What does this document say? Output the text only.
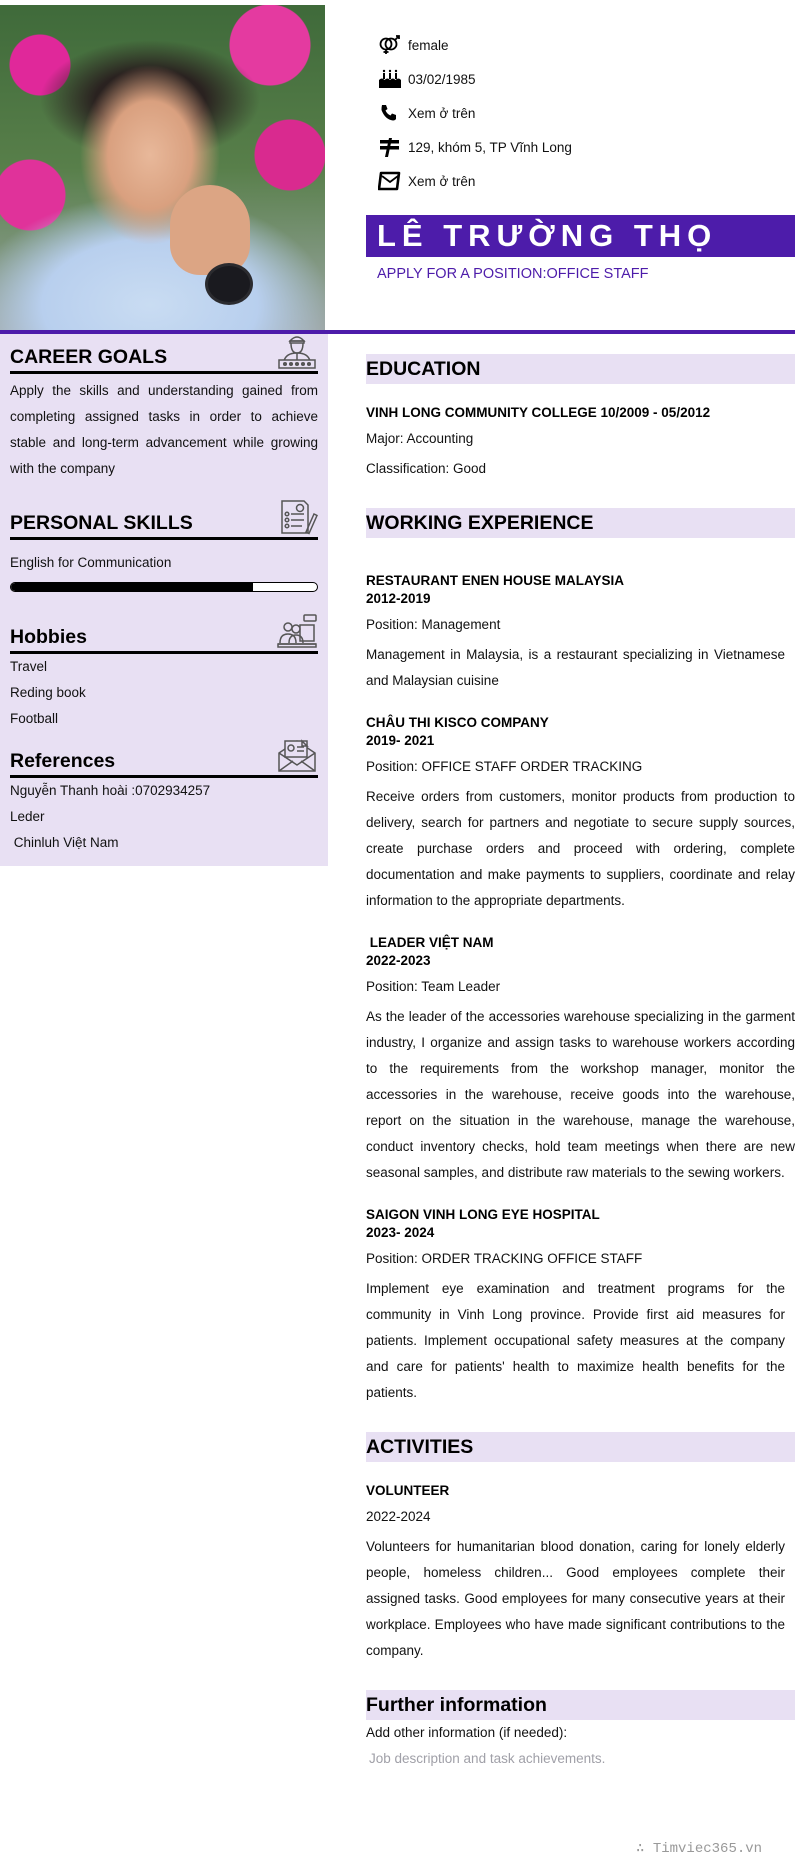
female
03/02/1985
Xem ở trên
129, khóm 5, TP Vĩnh Long
Xem ở trên
LÊ TRƯỜNG THỌ
APPLY FOR A POSITION:OFFICE STAFF
CAREER GOALS
Apply the skills and understanding gained from completing assigned tasks in order to achieve stable and long-term advancement while growing with the company
PERSONAL SKILLS
English for Communication
Hobbies
Travel
Reding book
Football
References
Nguyễn Thanh hoài :0702934257
Leder
Chinluh Việt Nam
EDUCATION
VINH LONG COMMUNITY COLLEGE 10/2009 - 05/2012
Major: Accounting
Classification: Good
WORKING EXPERIENCE
RESTAURANT ENEN HOUSE MALAYSIA
2012-2019
Position: Management
Management in Malaysia, is a restaurant specializing in Vietnamese and Malaysian cuisine
CHÂU THI KISCO COMPANY
2019- 2021
Position: OFFICE STAFF ORDER TRACKING
Receive orders from customers, monitor products from production to delivery, search for partners and negotiate to secure supply sources, create purchase orders and proceed with ordering, complete documentation and make payments to suppliers, coordinate and relay information to the appropriate departments.
LEADER VIỆT NAM
2022-2023
Position: Team Leader
As the leader of the accessories warehouse specializing in the garment industry, I organize and assign tasks to warehouse workers according to the requirements from the workshop manager, monitor the accessories in the warehouse, receive goods into the warehouse, report on the situation in the warehouse, manage the warehouse, conduct inventory checks, hold team meetings when there are new seasonal samples, and distribute raw materials to the sewing workers.
SAIGON VINH LONG EYE HOSPITAL
2023- 2024
Position: ORDER TRACKING OFFICE STAFF
Implement eye examination and treatment programs for the community in Vinh Long province. Provide first aid measures for patients. Implement occupational safety measures at the company and care for patients' health to maximize health benefits for the patients.
ACTIVITIES
VOLUNTEER
2022-2024
Volunteers for humanitarian blood donation, caring for lonely elderly people, homeless children... Good employees complete their assigned tasks. Good employees for many consecutive years at their workplace. Employees who have made significant contributions to the company.
Further information
Add other information (if needed):
Job description and task achievements.
∴ Timviec365.vn
